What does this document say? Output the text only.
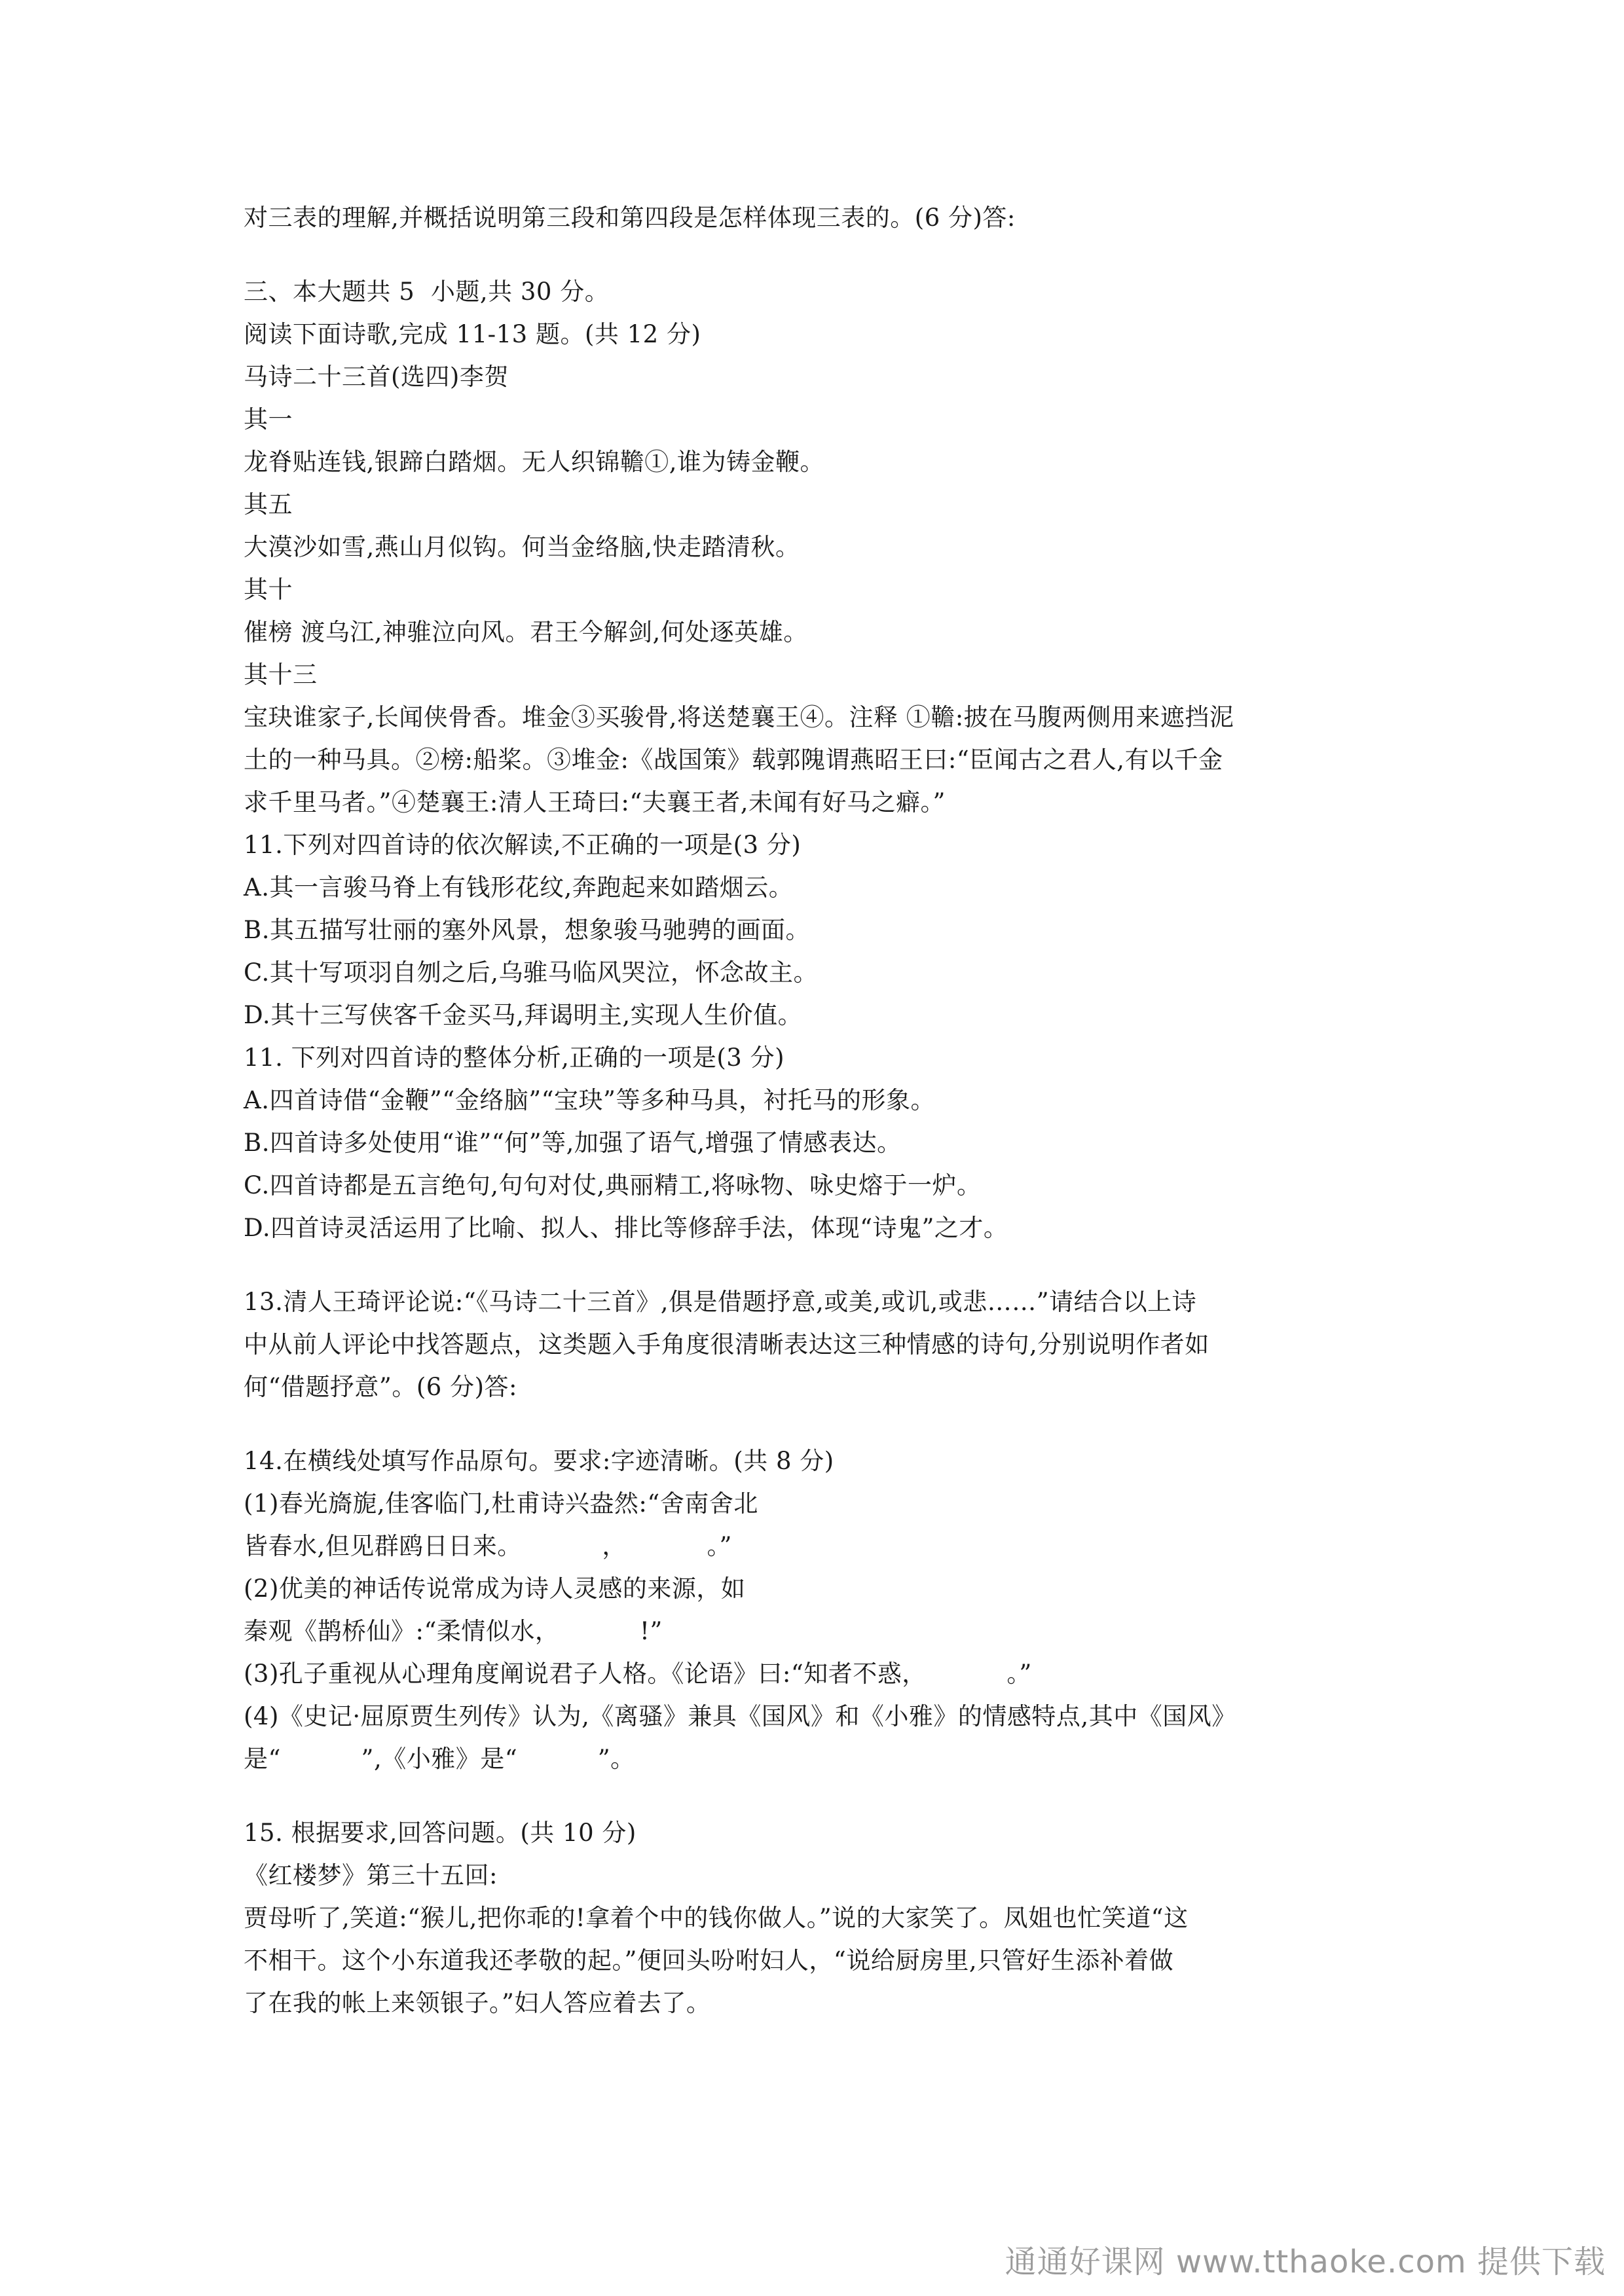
对三表的理解,并概括说明第三段和第四段是怎样体现三表的。(6 分)答:
三、本大题共 5  小题,共 30 分。
阅读下面诗歌,完成 11-13 题。(共 12 分)
马诗二十三首(选四)李贺
其一
龙脊贴连钱,银蹄白踏烟。无人织锦韂①,谁为铸金鞭。
其五
大漠沙如雪,燕山月似钩。何当金络脑,快走踏清秋。
其十
催榜 渡乌江,神骓泣向风。君王今解剑,何处逐英雄。
其十三
宝玦谁家子,长闻侠骨香。堆金③买骏骨,将送楚襄王④。注释 ①韂:披在马腹两侧用来遮挡泥
土的一种马具。②榜:船桨。③堆金:《战国策》载郭隗谓燕昭王曰:“臣闻古之君人,有以千金
求千里马者。”④楚襄王:清人王琦曰:“夫襄王者,未闻有好马之癖。”
11.下列对四首诗的依次解读,不正确的一项是(3 分)
A.其一言骏马脊上有钱形花纹,奔跑起来如踏烟云。
B.其五描写壮丽的塞外风景，想象骏马驰骋的画面。
C.其十写项羽自刎之后,乌骓马临风哭泣，怀念故主。
D.其十三写侠客千金买马,拜谒明主,实现人生价值。
11. 下列对四首诗的整体分析,正确的一项是(3 分)
A.四首诗借“金鞭”“金络脑”“宝玦”等多种马具，衬托马的形象。
B.四首诗多处使用“谁”“何”等,加强了语气,增强了情感表达。
C.四首诗都是五言绝句,句句对仗,典丽精工,将咏物、咏史熔于一炉。
D.四首诗灵活运用了比喻、拟人、排比等修辞手法，体现“诗鬼”之才。
13.清人王琦评论说:“《马诗二十三首》,俱是借题抒意,或美,或讥,或悲……”请结合以上诗
中从前人评论中找答题点，这类题入手角度很清晰表达这三种情感的诗句,分别说明作者如
何“借题抒意”。(6 分)答:
14.在横线处填写作品原句。要求:字迹清晰。(共 8 分)
(1)春光旖旎,佳客临门,杜甫诗兴盎然:“舍南舍北
皆春水,但见群鸥日日来。          ，          。”
(2)优美的神话传说常成为诗人灵感的来源，如
秦观《鹊桥仙》:“柔情似水，          !”
(3)孔子重视从心理角度阐说君子人格。《论语》曰:“知者不惑，          。”
(4)《史记·屈原贾生列传》认为,《离骚》兼具《国风》和《小雅》的情感特点,其中《国风》
是“          ”,《小雅》是“          ”。
15. 根据要求,回答问题。(共 10 分)
《红楼梦》第三十五回:
贾母听了,笑道:“猴儿,把你乖的!拿着个中的钱你做人。”说的大家笑了。凤姐也忙笑道“这
不相干。这个小东道我还孝敬的起。”便回头吩咐妇人，“说给厨房里,只管好生添补着做
了在我的帐上来领银子。”妇人答应着去了。
通通好课网 www.tthaoke.com 提供下载
